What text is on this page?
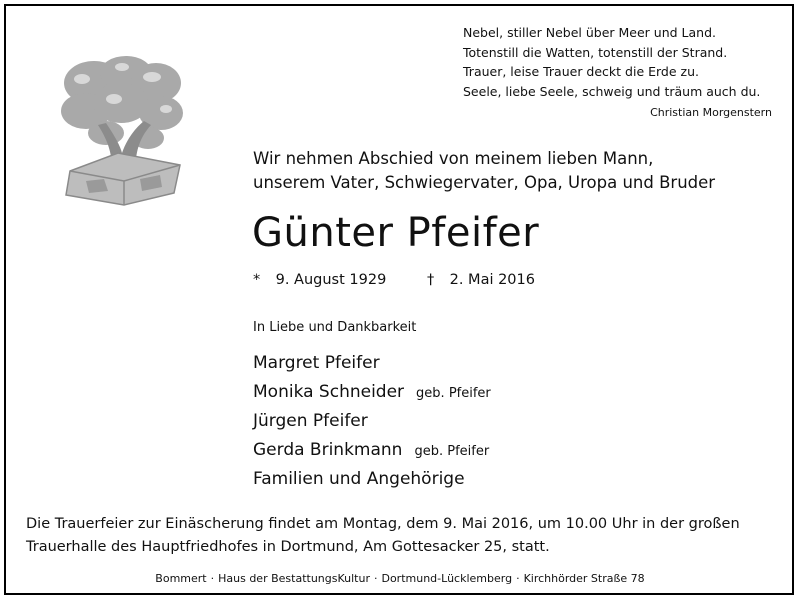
Nebel, stiller Nebel über Meer und Land.
Totenstill die Watten, totenstill der Strand.
Trauer, leise Trauer deckt die Erde zu.
Seele, liebe Seele, schweig und träum auch du.
Christian Morgenstern
Wir nehmen Abschied von meinem lieben Mann,
unserem Vater, Schwiegervater, Opa, Uropa und Bruder
Günter Pfeifer
* 9. August 1929	† 2. Mai 2016
In Liebe und Dankbarkeit
Margret Pfeifer
Monika Schneider geb. Pfeifer
Jürgen Pfeifer
Gerda Brinkmann geb. Pfeifer
Familien und Angehörige
Die Trauerfeier zur Einäscherung findet am Montag, dem 9. Mai 2016, um 10.00 Uhr in der großen
Trauerhalle des Hauptfriedhofes in Dortmund, Am Gottesacker 25, statt.
Bommert · Haus der BestattungsKultur · Dortmund-Lücklemberg · Kirchhörder Straße 78
